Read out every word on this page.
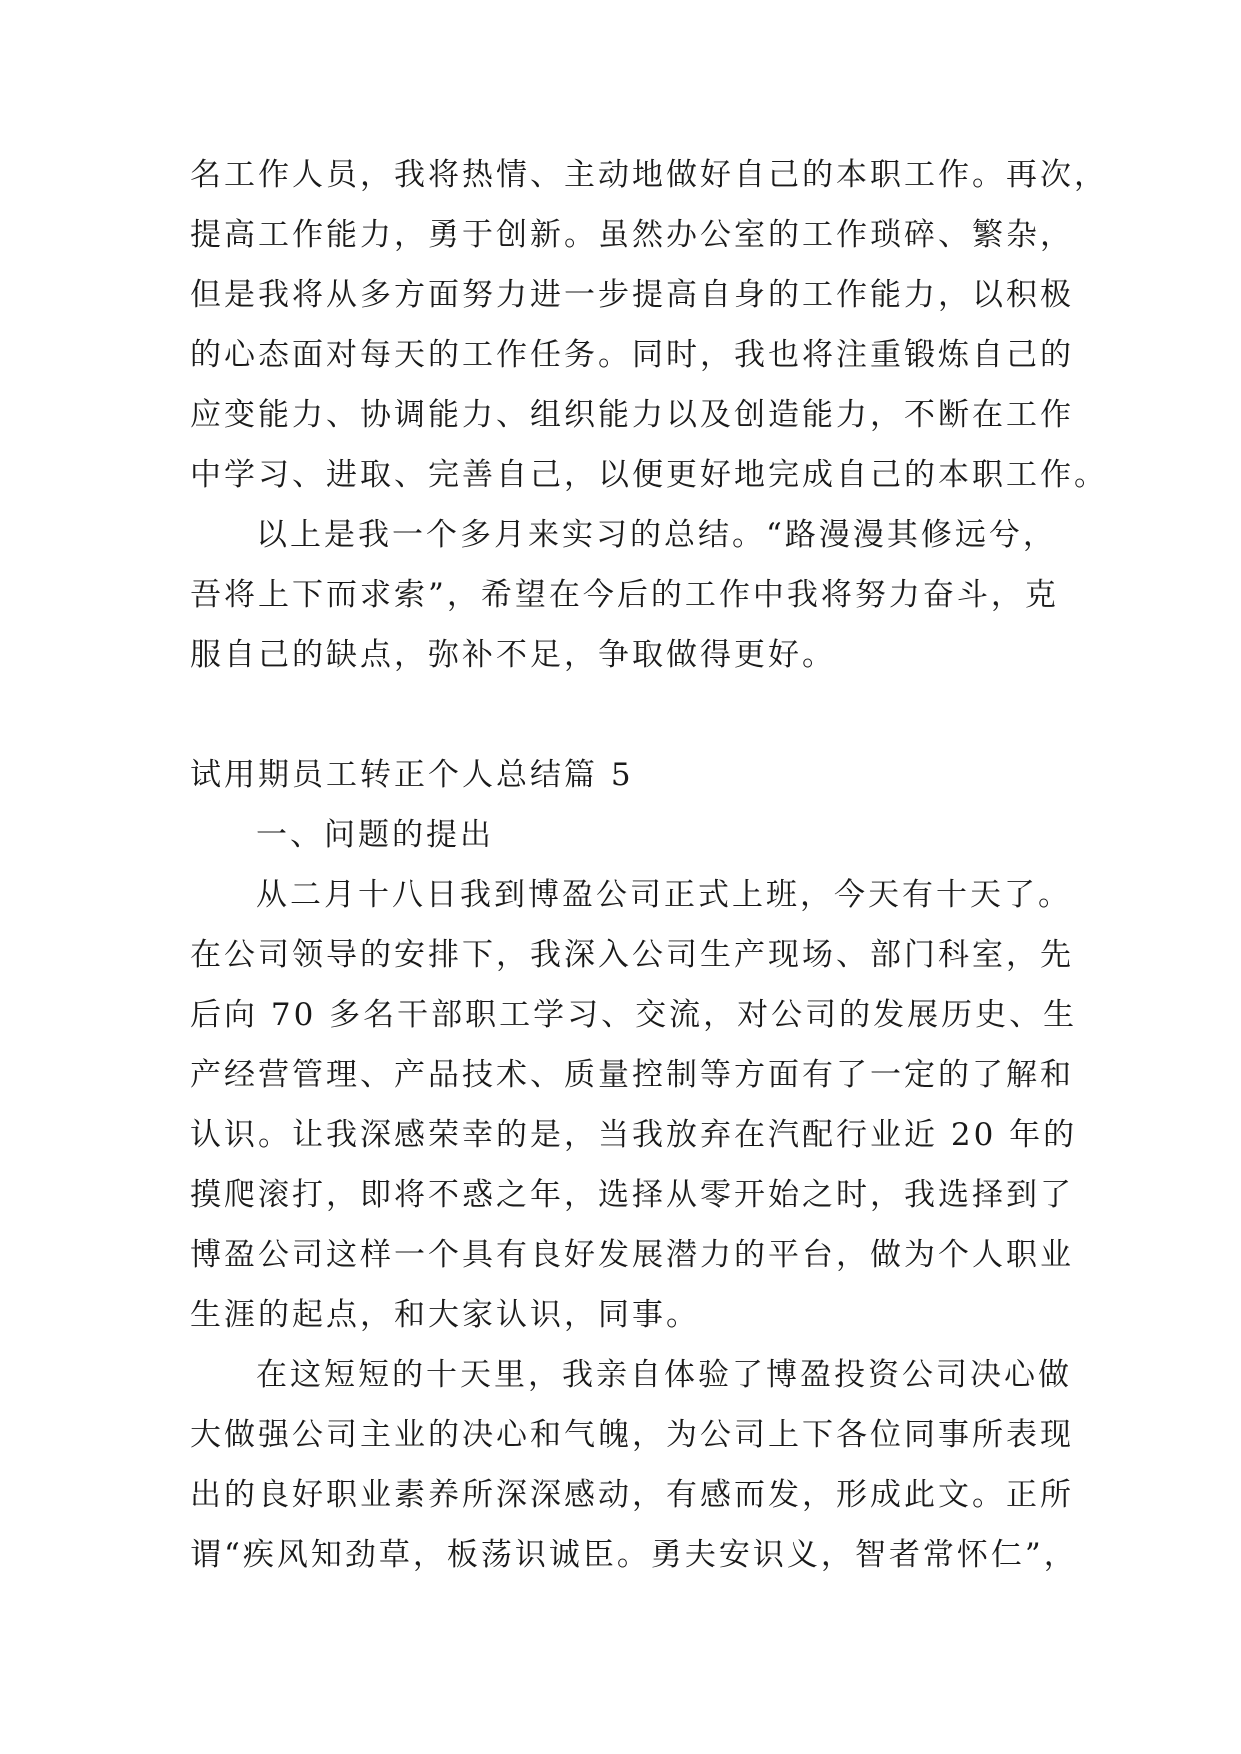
名工作人员，我将热情、主动地做好自己的本职工作。再次，
提高工作能力，勇于创新。虽然办公室的工作琐碎、繁杂，
但是我将从多方面努力进一步提高自身的工作能力，以积极
的心态面对每天的工作任务。同时，我也将注重锻炼自己的
应变能力、协调能力、组织能力以及创造能力，不断在工作
中学习、进取、完善自己，以便更好地完成自己的本职工作。
以上是我一个多月来实习的总结。“路漫漫其修远兮，
吾将上下而求索”，希望在今后的工作中我将努力奋斗，克
服自己的缺点，弥补不足，争取做得更好。
试用期员工转正个人总结篇 5
一、问题的提出
从二月十八日我到博盈公司正式上班，今天有十天了。
在公司领导的安排下，我深入公司生产现场、部门科室，先
后向 70 多名干部职工学习、交流，对公司的发展历史、生
产经营管理、产品技术、质量控制等方面有了一定的了解和
认识。让我深感荣幸的是，当我放弃在汽配行业近 20 年的
摸爬滚打，即将不惑之年，选择从零开始之时，我选择到了
博盈公司这样一个具有良好发展潜力的平台，做为个人职业
生涯的起点，和大家认识，同事。
在这短短的十天里，我亲自体验了博盈投资公司决心做
大做强公司主业的决心和气魄，为公司上下各位同事所表现
出的良好职业素养所深深感动，有感而发，形成此文。正所
谓“疾风知劲草，板荡识诚臣。勇夫安识义，智者常怀仁”，
